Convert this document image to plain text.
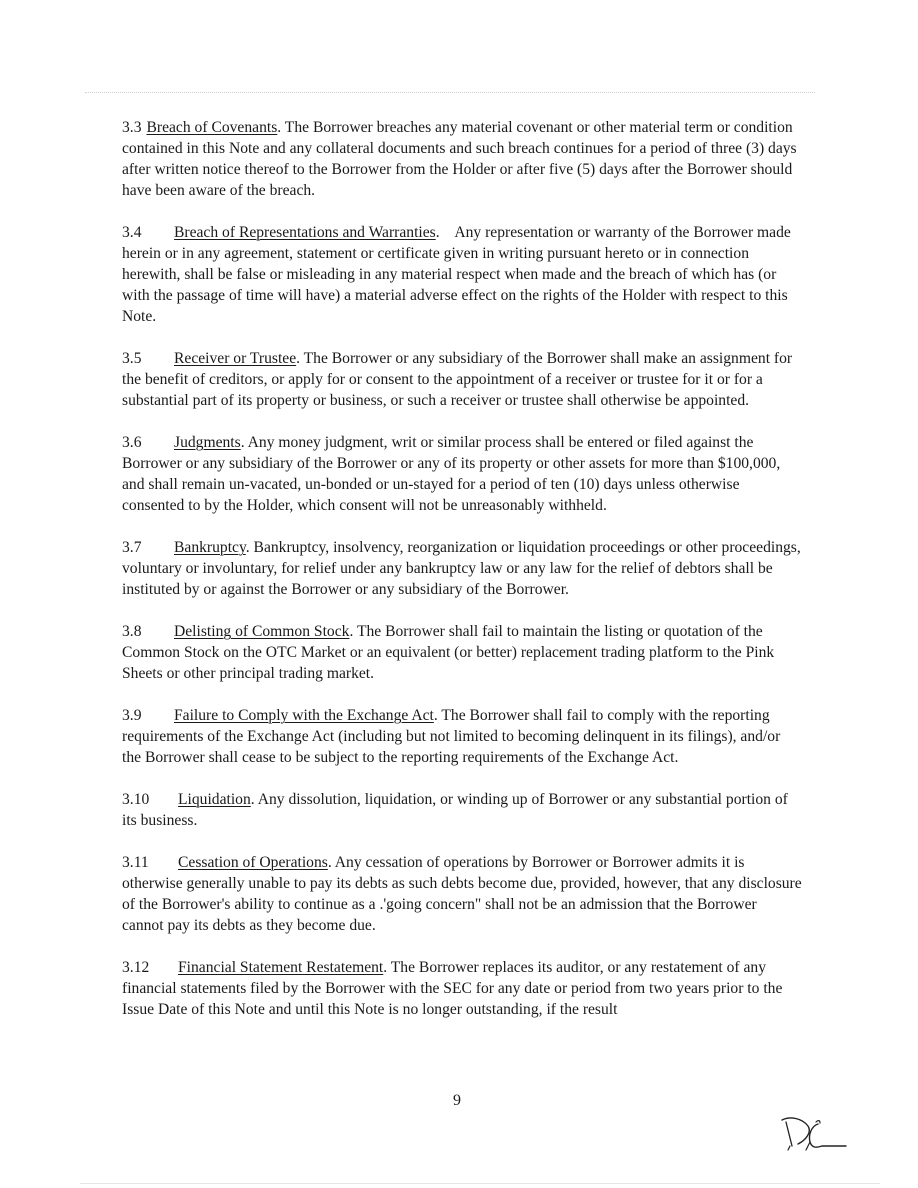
3.3 Breach of Covenants. The Borrower breaches any material covenant or other material term or condition contained in this Note and any collateral documents and such breach continues for a period of three (3) days after written notice thereof to the Borrower from the Holder or after five (5) days after the Borrower should have been aware of the breach.

3.4 Breach of Representations and Warranties.    Any representation or warranty of the Borrower made herein or in any agreement, statement or certificate given in writing pursuant hereto or in connection herewith, shall be false or misleading in any material respect when made and the breach of which has (or with the passage of time will have) a material adverse effect on the rights of the Holder with respect to this Note.

3.5 Receiver or Trustee. The Borrower or any subsidiary of the Borrower shall make an assignment for the benefit of creditors, or apply for or consent to the appointment of a receiver or trustee for it or for a substantial part of its property or business, or such a receiver or trustee shall otherwise be appointed.

3.6 Judgments. Any money judgment, writ or similar process shall be entered or filed against the Borrower or any subsidiary of the Borrower or any of its property or other assets for more than $100,000, and shall remain un-vacated, un-bonded or un-stayed for a period of ten (10) days unless otherwise consented to by the Holder, which consent will not be unreasonably withheld.

3.7 Bankruptcy. Bankruptcy, insolvency, reorganization or liquidation proceedings or other proceedings, voluntary or involuntary, for relief under any bankruptcy law or any law for the relief of debtors shall be instituted by or against the Borrower or any subsidiary of the Borrower.

3.8 Delisting of Common Stock. The Borrower shall fail to maintain the listing or quotation of the Common Stock on the OTC Market or an equivalent (or better) replacement trading platform to the Pink Sheets or other principal trading market.

3.9 Failure to Comply with the Exchange Act. The Borrower shall fail to comply with the reporting requirements of the Exchange Act (including but not limited to becoming delinquent in its filings), and/or the Borrower shall cease to be subject to the reporting requirements of the Exchange Act.

3.10 Liquidation. Any dissolution, liquidation, or winding up of Borrower or any substantial portion of its business.

3.11 Cessation of Operations. Any cessation of operations by Borrower or Borrower admits it is otherwise generally unable to pay its debts as such debts become due, provided, however, that any disclosure of the Borrower's ability to continue as a .'going concern" shall not be an admission that the Borrower cannot pay its debts as they become due.

3.12 Financial Statement Restatement. The Borrower replaces its auditor, or any restatement of any financial statements filed by the Borrower with the SEC for any date or period from two years prior to the Issue Date of this Note and until this Note is no longer outstanding, if the result

9
